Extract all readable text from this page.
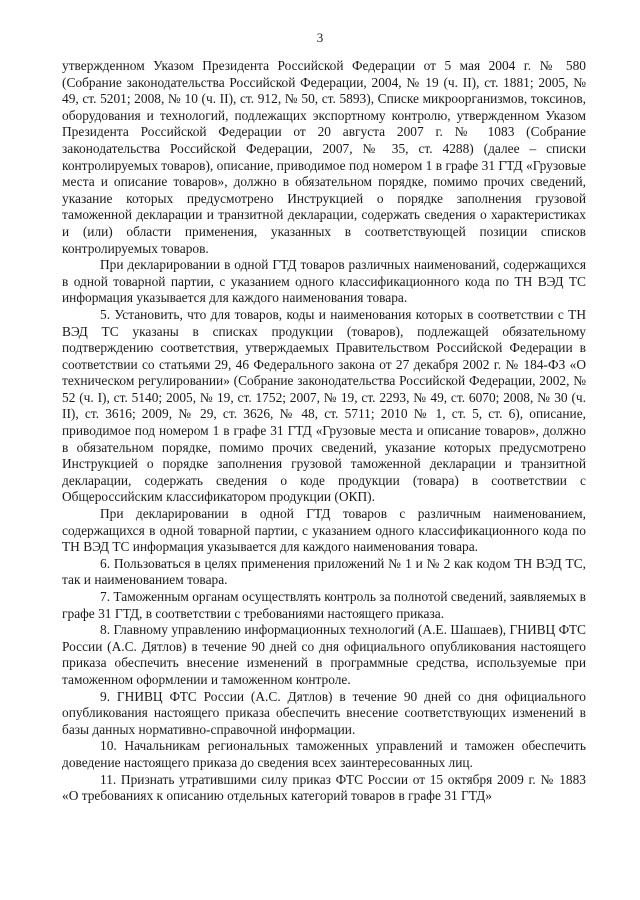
3

утвержденном Указом Президента Российской Федерации от 5 мая 2004 г. № 580 (Собрание законодательства Российской Федерации, 2004, № 19 (ч. II), ст. 1881; 2005, № 49, ст. 5201; 2008, № 10 (ч. II), ст. 912, № 50, ст. 5893), Списке микроорганизмов, токсинов, оборудования и технологий, подлежащих экспортному контролю, утвержденном Указом Президента Российской Федерации от 20 августа 2007 г. № 1083 (Собрание законодательства Российской Федерации, 2007, № 35, ст. 4288) (далее – списки контролируемых товаров), описание, приводимое под номером 1 в графе 31 ГТД «Грузовые места и описание товаров», должно в обязательном порядке, помимо прочих сведений, указание которых предусмотрено Инструкцией о порядке заполнения грузовой таможенной декларации и транзитной декларации, содержать сведения о характеристиках и (или) области применения, указанных в соответствующей позиции списков контролируемых товаров.

При декларировании в одной ГТД товаров различных наименований, содержащихся в одной товарной партии, с указанием одного классификационного кода по ТН ВЭД ТС информация указывается для каждого наименования товара.

5. Установить, что для товаров, коды и наименования которых в соответствии с ТН ВЭД ТС указаны в списках продукции (товаров), подлежащей обязательному подтверждению соответствия, утверждаемых Правительством Российской Федерации в соответствии со статьями 29, 46 Федерального закона от 27 декабря 2002 г. № 184-ФЗ «О техническом регулировании» (Собрание законодательства Российской Федерации, 2002, № 52 (ч. I), ст. 5140; 2005, № 19, ст. 1752; 2007, № 19, ст. 2293, № 49, ст. 6070; 2008, № 30 (ч. II), ст. 3616; 2009, № 29, ст. 3626, № 48, ст. 5711; 2010 № 1, ст. 5, ст. 6), описание, приводимое под номером 1 в графе 31 ГТД «Грузовые места и описание товаров», должно в обязательном порядке, помимо прочих сведений, указание которых предусмотрено Инструкцией о порядке заполнения грузовой таможенной декларации и транзитной декларации, содержать сведения о коде продукции (товара) в соответствии с Общероссийским классификатором продукции (ОКП).

При декларировании в одной ГТД товаров с различным наименованием, содержащихся в одной товарной партии, с указанием одного классификационного кода по ТН ВЭД ТС информация указывается для каждого наименования товара.

6. Пользоваться в целях применения приложений № 1 и № 2 как кодом ТН ВЭД ТС, так и наименованием товара.

7. Таможенным органам осуществлять контроль за полнотой сведений, заявляемых в графе 31 ГТД, в соответствии с требованиями настоящего приказа.

8. Главному управлению информационных технологий (А.Е. Шашаев), ГНИВЦ ФТС России (А.С. Дятлов) в течение 90 дней со дня официального опубликования настоящего приказа обеспечить внесение изменений в программные средства, используемые при таможенном оформлении и таможенном контроле.

9. ГНИВЦ ФТС России (А.С. Дятлов) в течение 90 дней со дня официального опубликования настоящего приказа обеспечить внесение соответствующих изменений в базы данных нормативно-справочной информации.

10. Начальникам региональных таможенных управлений и таможен обеспечить доведение настоящего приказа до сведения всех заинтересованных лиц.

11. Признать утратившими силу приказ ФТС России от 15 октября 2009 г. № 1883 «О требованиях к описанию отдельных категорий товаров в графе 31 ГТД»
